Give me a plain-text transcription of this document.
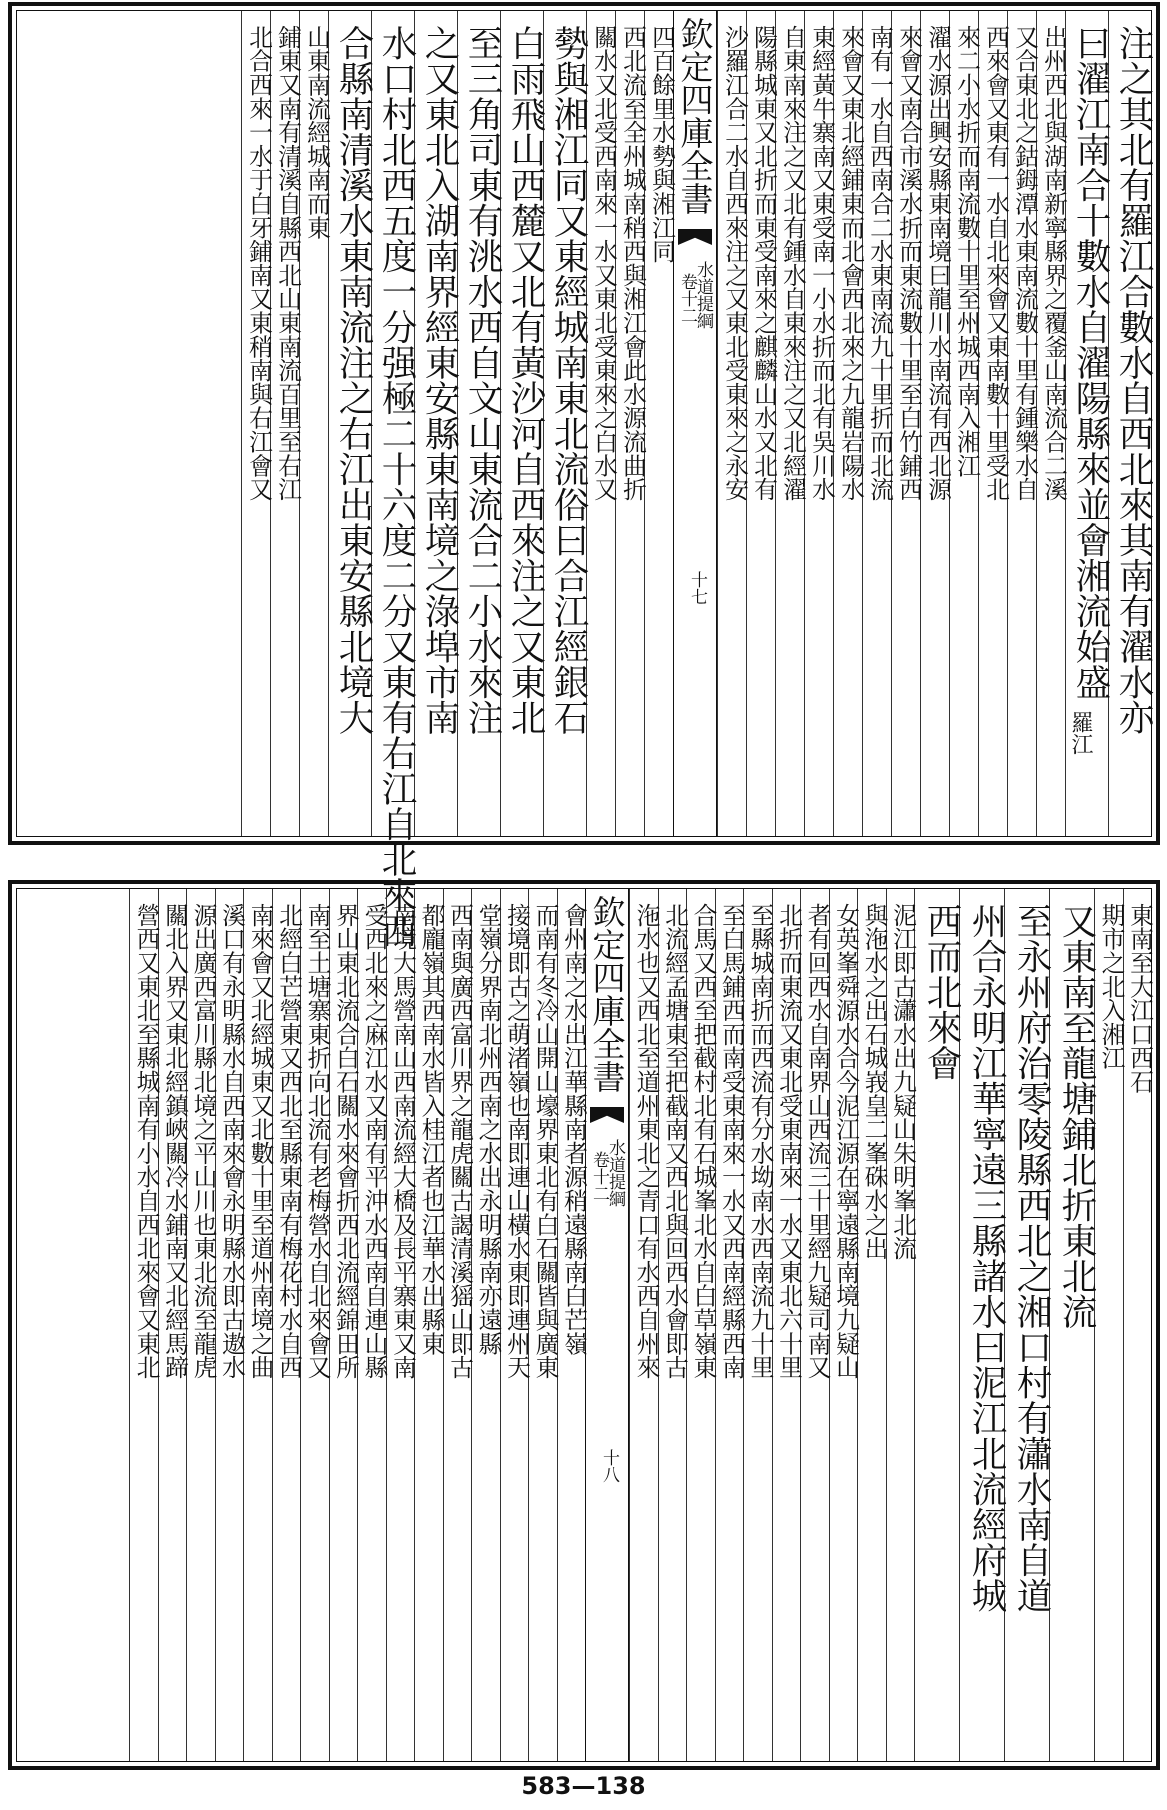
注之其北有羅江合數水自西北來其南有濯水亦
曰濯江南合十數水自濯陽縣來並會湘流始盛
出州西北與湖南新寧縣界之覆釜山南流合二溪
又合東北之鈷鉧潭水東南流數十里有鍾樂水自
西來會又東有一水自北來會又東南數十里受北
來二小水折而南流數十里至州城西南入湘江
濯水源出興安縣東南境曰龍川水南流有西北源
來會又南合市溪水折而東流數十里至白竹鋪西
南有一水自西南合二水東南流九十里折而北流
來會又東北經鋪東而北會西北來之九龍岩陽水
東經黃牛寨南又東受南一小水折而北有吳川水
自東南來注之又北有鍾水自東來注之又北經濯
陽縣城東又北折而東受南來之麒麟山水又北有
沙羅江合二水自西來注之又東北受東來之永安
欽定四庫全書
水道提綱
卷十二
十七
四百餘里水勢與湘江同
西北流至全州城南稍西與湘江會此水源流曲折
關水又北受西南來一水又東北受東來之白水又
勢與湘江同又東經城南東北流俗曰合江經銀石
白雨飛山西麓又北有黃沙河自西來注之又東北
至三角司東有洮水西自文山東流合二小水來注
之又東北入湖南界經東安縣東南境之淥埠市南
水口村北西五度一分强極二十六度二分又東有右江自北來西
合縣南清溪水東南流注之右江出東安縣北境大
山東南流經城南而東
鋪東又南有清溪自縣西北山東南流百里至右江
北合西來一水于白牙鋪南又東稍南與右江會又
羅江
東南至大江口西石
期市之北入湘江
又東南至龍塘鋪北折東北流
至永州府治零陵縣西北之湘口村有瀟水南自道
州合永明江華寧遠三縣諸水曰泥江北流經府城
西而北來會
泥江即古瀟水出九疑山朱明峯北流
與沲水之出石城峩皇二峯硃水之出
女英峯舜源水合今泥江源在寧遠縣南境九疑山
者有回西水自南界山西流三十里經九疑司南又
北折而東流又東北受東南來一水又東北六十里
至縣城南折而西流有分水坳南水西南流九十里
至白馬鋪西而南受東南來一水又西南經縣西南
合馬又西至把截村北有石城峯北水自白草嶺東
北流經孟塘東至把截南又西北與回西水會即古
沲水也又西北至道州東北之青口有水西自州來
欽定四庫全書
水道提綱
卷十二
十八
會州南之水出江華縣南者源稍遠縣南白芒嶺
而南有冬冷山開山壕界東北有白石關皆與廣東
接境即古之萌渚嶺也南即連山橫水東即連州天
堂嶺分界南北州西南之水出永明縣南亦遠縣
西南與廣西富川界之龍虎關古謁清溪猺山即古
都龐嶺其西南水皆入桂江者也江華水出縣東
南境大馬營南山西南流經大橋及長平寨東又南
受西北來之麻江水又南有平沖水西南自連山縣
界山東北流合白石關水來會折西北流經錦田所
南至土塘寨東折向北流有老梅營水自北來會又
北經白芒營東又西北至縣東南有梅花村水自西
南來會又北經城東又北數十里至道州南境之曲
溪口有永明縣水自西南來會永明縣水即古遨水
源出廣西富川縣北境之平山川也東北流至龍虎
關北入界又東北經鎮峽關冷水鋪南又北經馬蹄
營西又東北至縣城南有小水自西北來會又東北
583—138
